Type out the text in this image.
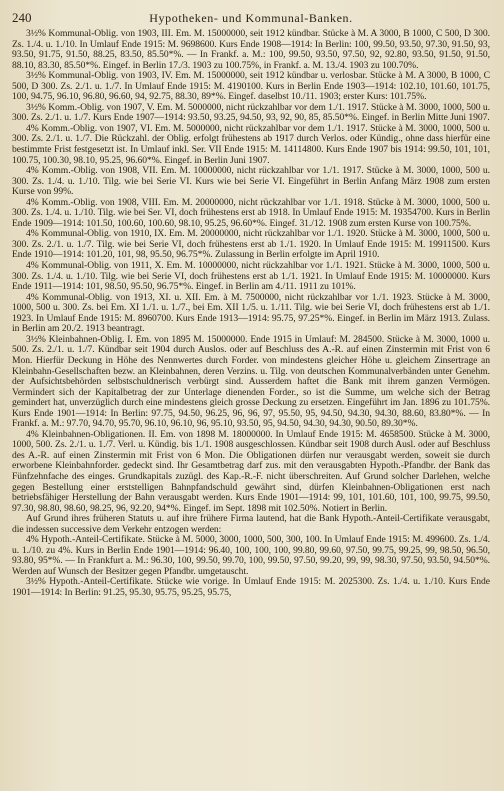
240	Hypotheken- und Kommunal-Banken.

3½% Kommunal-Oblig. von 1903, III. Em. M. 15000000, seit 1912 kündbar. Stücke à M. A 3000, B 1000, C 500, D 300. Zs. 1./4. u. 1./10. In Umlauf Ende 1915: M. 9698600. Kurs Ende 1908—1914: In Berlin: 100, 99.50, 93.50, 97.30, 91.50, 93, 93.50, 91.75, 91.50, 88.25, 83.50, 85.50*%. — In Frankf. a. M.: 100, 99.50, 93.50, 97.50, 92, 92.80, 93.50, 91.50, 91.50, 88.10, 83.30, 85.50*%. Eingef. in Berlin 17./3. 1903 zu 100.75%, in Frankf. a. M. 13./4. 1903 zu 100.70%.

3½% Kommunal-Oblig. von 1903, IV. Em. M. 15000000, seit 1912 kündbar u. verlosbar. Stücke à M. A 3000, B 1000, C 500, D 300. Zs. 2./1. u. 1./7. In Umlauf Ende 1915: M. 4190100. Kurs in Berlin Ende 1903—1914: 102.10, 101.60, 101.75, 100, 94.75, 96.10, 96.80, 96.60, 94, 92.75, 88.30, 89*%. Eingef. daselbst 10./11. 1903; erster Kurs: 101.75%.

3½% Komm.-Oblig. von 1907, V. Em. M. 5000000, nicht rückzahlbar vor dem 1./1. 1917. Stücke à M. 3000, 1000, 500 u. 300. Zs. 2./1. u. 1./7. Kurs Ende 1907—1914: 93.50, 93.25, 94.50, 93, 92, 90, 85, 85.50*%. Eingef. in Berlin Mitte Juni 1907.

4% Komm.-Oblig. von 1907, VI. Em. M. 5000000, nicht rückzahlbar vor dem 1./1. 1917. Stücke à M. 3000, 1000, 500 u. 300. Zs. 2./1. u. 1./7. Die Rückzahl. der Oblig. erfolgt frühestens ab 1917 durch Verlos. oder Kündig., ohne dass hierfür eine bestimmte Frist festgesetzt ist. In Umlauf inkl. Ser. VII Ende 1915: M. 14114800. Kurs Ende 1907 bis 1914: 99.50, 101, 101, 100.75, 100.30, 98.10, 95.25, 96.60*%. Eingef. in Berlin Juni 1907.

4% Komm.-Oblig. von 1908, VII. Em. M. 10000000, nicht rückzahlbar vor 1./1. 1917. Stücke à M. 3000, 1000, 500 u. 300. Zs. 1./4. u. 1./10. Tilg. wie bei Serie VI. Kurs wie bei Serie VI. Eingeführt in Berlin Anfang März 1908 zum ersten Kurse von 99%.

4% Komm.-Oblig. von 1908, VIII. Em. M. 20000000, nicht rückzahlbar vor 1./1. 1918. Stücke à M. 3000, 1000, 500 u. 300. Zs. 1./4. u. 1./10. Tilg. wie bei Ser. VI, doch frühestens erst ab 1918. In Umlauf Ende 1915: M. 19354700. Kurs in Berlin Ende 1909—1914: 101.50, 100.60, 100.60, 98.10, 95.25, 96.60*%. Eingef. 31./12. 1908 zum ersten Kurse von 100.75%.

4% Kommunal-Oblig. von 1910, IX. Em. M. 20000000, nicht rückzahlbar vor 1./1. 1920. Stücke à M. 3000, 1000, 500 u. 300. Zs. 2./1. u. 1./7. Tilg. wie bei Serie VI, doch frühestens erst ab 1./1. 1920. In Umlauf Ende 1915: M. 19911500. Kurs Ende 1910—1914: 101.20, 101, 98, 95.50, 96.75*%. Zulassung in Berlin erfolgte im April 1910.

4% Kommunal-Oblig. von 1911, X. Em. M. 10000000, nicht rückzahlbar vor 1./1. 1921. Stücke à M. 3000, 1000, 500 u. 300. Zs. 1./4. u. 1./10. Tilg. wie bei Serie VI, doch frühestens erst ab 1./1. 1921. In Umlauf Ende 1915: M. 10000000. Kurs Ende 1911—1914: 101, 98.50, 95.50, 96.75*%. Eingef. in Berlin am 4./11. 1911 zu 101%.

4% Kommunal-Oblig. von 1913, XI. u. XII. Em. à M. 7500000, nicht rückzahlbar vor 1./1. 1923. Stücke à M. 3000, 1000, 500 u. 300. Zs. bei Em. XI 1./1. u. 1./7., bei Em. XII 1./5. u. 1./11. Tilg. wie bei Serie VI, doch frühestens erst ab 1./1. 1923. In Umlauf Ende 1915: M. 8960700. Kurs Ende 1913—1914: 95.75, 97.25*%. Eingef. in Berlin im März 1913. Zulass. in Berlin am 20./2. 1913 beantragt.

3½% Kleinbahnen-Oblig. I. Em. von 1895 M. 15000000. Ende 1915 in Umlauf: M. 284500. Stücke à M. 3000, 1000 u. 500. Zs. 2./1. u. 1./7. Kündbar seit 1904 durch Auslos. oder auf Beschluss des A.-R. auf einen Zinstermin mit Frist von 6 Mon. Hierfür Deckung in Höhe des Nennwertes durch Forder. von mindestens gleicher Höhe u. gleichem Zinsertrage an Kleinbahn-Gesellschaften bezw. an Kleinbahnen, deren Verzins. u. Tilg. von deutschen Kommunalverbänden unter Genehm. der Aufsichtsbehörden selbstschuldnerisch verbürgt sind. Ausserdem haftet die Bank mit ihrem ganzen Vermögen. Vermindert sich der Kapitalbetrag der zur Unterlage dienenden Forder., so ist die Summe, um welche sich der Betrag gemindert hat, unverzüglich durch eine mindestens gleich grosse Deckung zu ersetzen. Eingeführt im Jan. 1896 zu 101.75%. Kurs Ende 1901—1914: In Berlin: 97.75, 94.50, 96.25, 96, 96, 97, 95.50, 95, 94.50, 94.30, 94.30, 88.60, 83.80*%. — In Frankf. a. M.: 97.70, 94.70, 95.70, 96.10, 96.10, 96, 95.10, 93.50, 95, 94.50, 94.30, 94.30, 90.50, 89.30*%.

4% Kleinbahnen-Obligationen. II. Em. von 1898 M. 18000000. In Umlauf Ende 1915: M. 4658500. Stücke à M. 3000, 1000, 500. Zs. 2./1. u. 1./7. Verl. u. Kündig. bis 1./1. 1908 ausgeschlossen. Kündbar seit 1908 durch Ausl. oder auf Beschluss des A.-R. auf einen Zinstermin mit Frist von 6 Mon. Die Obligationen dürfen nur verausgabt werden, soweit sie durch erworbene Kleinbahnforder. gedeckt sind. Ihr Gesamtbetrag darf zus. mit den verausgabten Hypoth.-Pfandbr. der Bank das Fünfzehnfache des einges. Grundkapitals zuzügl. des Kap.-R.-F. nicht überschreiten. Auf Grund solcher Darlehen, welche gegen Bestellung einer erststelligen Bahnpfandschuld gewährt sind, dürfen Kleinbahnen-Obligationen erst nach betriebsfähiger Herstellung der Bahn verausgabt werden. Kurs Ende 1901—1914: 99, 101, 101.60, 101, 100, 99.75, 99.50, 97.30, 98.80, 98.60, 98.25, 96, 92.20, 94*%. Eingef. im Sept. 1898 mit 102.50%. Notiert in Berlin.

Auf Grund ihres früheren Statuts u. auf ihre frühere Firma lautend, hat die Bank Hypoth.-Anteil-Certifikate verausgabt, die indessen successive dem Verkehr entzogen werden:

4% Hypoth.-Anteil-Certifikate. Stücke à M. 5000, 3000, 1000, 500, 300, 100. In Umlauf Ende 1915: M. 499600. Zs. 1./4. u. 1./10. zu 4%. Kurs in Berlin Ende 1901—1914: 96.40, 100, 100, 100, 99.80, 99.60, 97.50, 99.75, 99.25, 99, 98.50, 96.50, 93.80, 95*%. — In Frankfurt a. M.: 96.30, 100, 99.50, 99.70, 100, 99.50, 97.50, 99.20, 99, 99, 98.30, 97.50, 93.50, 94.50*%. Werden auf Wunsch der Besitzer gegen Pfandbr. umgetauscht.

3½% Hypoth.-Anteil-Certifikate. Stücke wie vorige. In Umlauf Ende 1915: M. 2025300. Zs. 1./4. u. 1./10. Kurs Ende 1901—1914: In Berlin: 91.25, 95.30, 95.75, 95.25, 95.75,
